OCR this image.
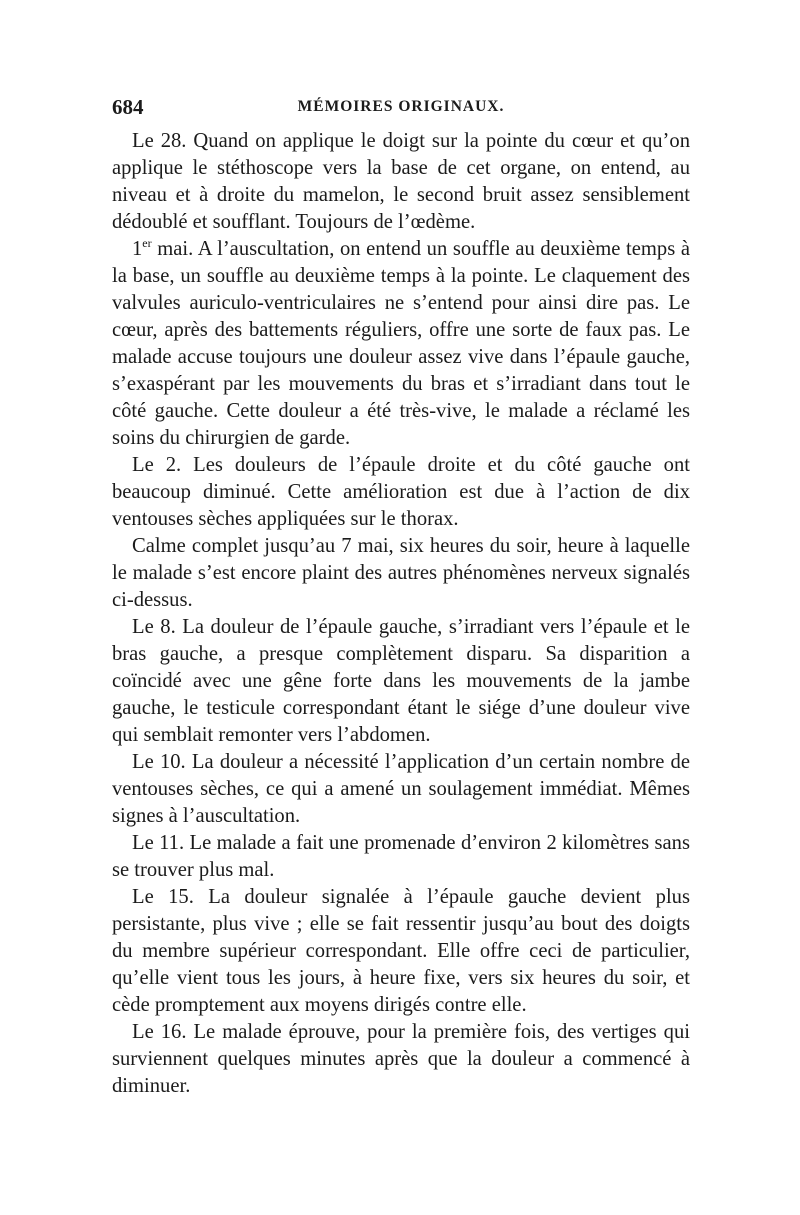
684	MÉMOIRES ORIGINAUX.

Le 28. Quand on applique le doigt sur la pointe du cœur et qu’on applique le stéthoscope vers la base de cet organe, on entend, au niveau et à droite du mamelon, le second bruit assez sensiblement dédoublé et soufflant. Toujours de l’œdème.

1er mai. A l’auscultation, on entend un souffle au deuxième temps à la base, un souffle au deuxième temps à la pointe. Le claquement des valvules auriculo-ventriculaires ne s’entend pour ainsi dire pas. Le cœur, après des battements réguliers, offre une sorte de faux pas. Le malade accuse toujours une douleur assez vive dans l’épaule gauche, s’exaspérant par les mouvements du bras et s’irradiant dans tout le côté gauche. Cette douleur a été très-vive, le malade a réclamé les soins du chirurgien de garde.

Le 2. Les douleurs de l’épaule droite et du côté gauche ont beaucoup diminué. Cette amélioration est due à l’action de dix ventouses sèches appliquées sur le thorax.

Calme complet jusqu’au 7 mai, six heures du soir, heure à laquelle le malade s’est encore plaint des autres phénomènes nerveux signalés ci-dessus.

Le 8. La douleur de l’épaule gauche, s’irradiant vers l’épaule et le bras gauche, a presque complètement disparu. Sa disparition a coïncidé avec une gêne forte dans les mouvements de la jambe gauche, le testicule correspondant étant le siége d’une douleur vive qui semblait remonter vers l’abdomen.

Le 10. La douleur a nécessité l’application d’un certain nombre de ventouses sèches, ce qui a amené un soulagement immédiat. Mêmes signes à l’auscultation.

Le 11. Le malade a fait une promenade d’environ 2 kilomètres sans se trouver plus mal.

Le 15. La douleur signalée à l’épaule gauche devient plus persistante, plus vive ; elle se fait ressentir jusqu’au bout des doigts du membre supérieur correspondant. Elle offre ceci de particulier, qu’elle vient tous les jours, à heure fixe, vers six heures du soir, et cède promptement aux moyens dirigés contre elle.

Le 16. Le malade éprouve, pour la première fois, des vertiges qui surviennent quelques minutes après que la douleur a commencé à diminuer.
